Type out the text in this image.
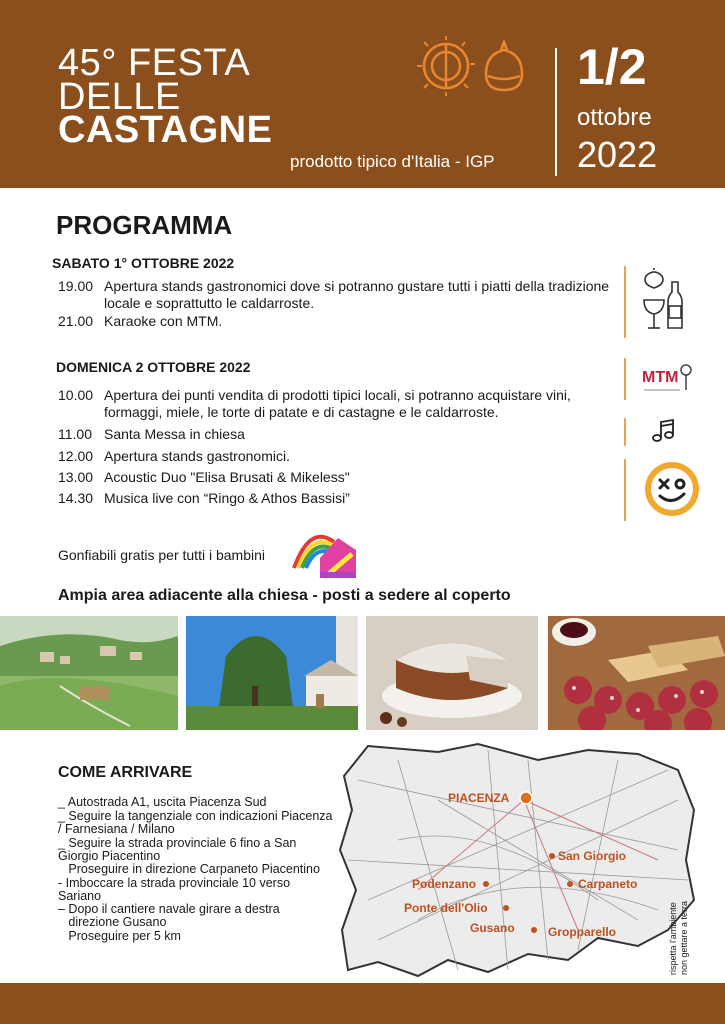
45° FESTA
DELLE
CASTAGNE
prodotto tipico d'Italia - IGP
1/2
ottobre
2022
PROGRAMMA
SABATO 1° OTTOBRE 2022
19.00 Apertura stands gastronomici dove si potranno gustare tutti i piatti della tradizione
locale e soprattutto le caldarroste.
21.00 Karaoke con MTM.
DOMENICA 2 OTTOBRE 2022
10.00 Apertura dei punti vendita di prodotti tipici locali, si potranno acquistare vini,
formaggi, miele, le torte di patate e di castagne e le caldarroste.
11.00 Santa Messa in chiesa
12.00 Apertura stands gastronomici.
13.00 Acoustic Duo "Elisa Brusati & Mikeless"
14.30 Musica live con “Ringo & Athos Bassisi”
MTM
Gonfiabili gratis per tutti i bambini
Ampia area adiacente alla chiesa - posti a sedere al coperto
COME ARRIVARE
_ Autostrada A1, uscita Piacenza Sud
_ Seguire la tangenziale con indicazioni Piacenza
/ Farnesiana / Milano
_ Seguire la strada provinciale 6 fino a San
Giorgio Piacentino
Proseguire in direzione Carpaneto Piacentino
- Imboccare la strada provinciale 10 verso
Sariano
– Dopo il cantiere navale girare a destra
direzione Gusano
Proseguire per 5 km
PIACENZA
San Giorgio
Carpaneto
Podenzano
Ponte dell'Olio
Gusano	Gropparello	rispetta l'ambiente
non gettare a terra
